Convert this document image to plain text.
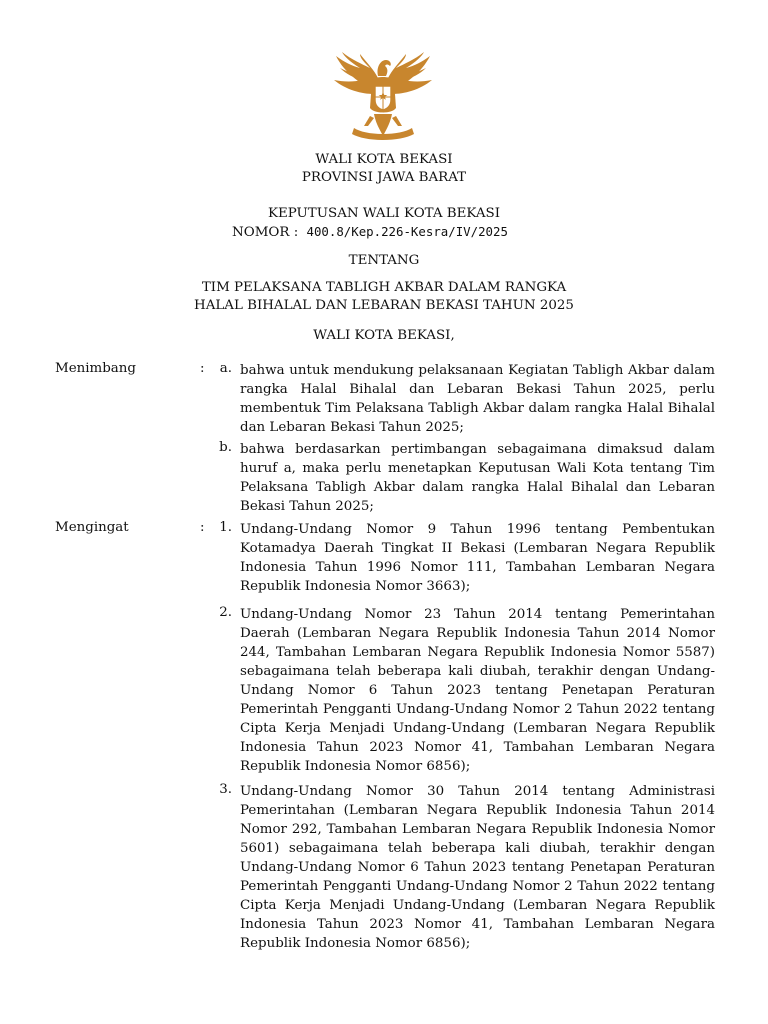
WALI KOTA BEKASI
PROVINSI JAWA BARAT
KEPUTUSAN WALI KOTA BEKASI
NOMOR : 400.8/Kep.226-Kesra/IV/2025
TENTANG
TIM PELAKSANA TABLIGH AKBAR DALAM RANGKA
HALAL BIHALAL DAN LEBARAN BEKASI TAHUN 2025
WALI KOTA BEKASI,
Menimbang	:	a. bahwa untuk mendukung pelaksanaan Kegiatan Tabligh Akbar dalam rangka Halal Bihalal dan Lebaran Bekasi Tahun 2025, perlu membentuk Tim Pelaksana Tabligh Akbar dalam rangka Halal Bihalal dan Lebaran Bekasi Tahun 2025;
b. bahwa berdasarkan pertimbangan sebagaimana dimaksud dalam huruf a, maka perlu menetapkan Keputusan Wali Kota tentang Tim Pelaksana Tabligh Akbar dalam rangka Halal Bihalal dan Lebaran Bekasi Tahun 2025;
Mengingat	:	1. Undang-Undang Nomor 9 Tahun 1996 tentang Pembentukan Kotamadya Daerah Tingkat II Bekasi (Lembaran Negara Republik Indonesia Tahun 1996 Nomor 111, Tambahan Lembaran Negara Republik Indonesia Nomor 3663);
2. Undang-Undang Nomor 23 Tahun 2014 tentang Pemerintahan Daerah (Lembaran Negara Republik Indonesia Tahun 2014 Nomor 244, Tambahan Lembaran Negara Republik Indonesia Nomor 5587) sebagaimana telah beberapa kali diubah, terakhir dengan Undang-Undang Nomor 6 Tahun 2023 tentang Penetapan Peraturan Pemerintah Pengganti Undang-Undang Nomor 2 Tahun 2022 tentang Cipta Kerja Menjadi Undang-Undang (Lembaran Negara Republik Indonesia Tahun 2023 Nomor 41, Tambahan Lembaran Negara Republik Indonesia Nomor 6856);
3. Undang-Undang Nomor 30 Tahun 2014 tentang Administrasi Pemerintahan (Lembaran Negara Republik Indonesia Tahun 2014 Nomor 292, Tambahan Lembaran Negara Republik Indonesia Nomor 5601) sebagaimana telah beberapa kali diubah, terakhir dengan Undang-Undang Nomor 6 Tahun 2023 tentang Penetapan Peraturan Pemerintah Pengganti Undang-Undang Nomor 2 Tahun 2022 tentang Cipta Kerja Menjadi Undang-Undang (Lembaran Negara Republik Indonesia Tahun 2023 Nomor 41, Tambahan Lembaran Negara Republik Indonesia Nomor 6856);
